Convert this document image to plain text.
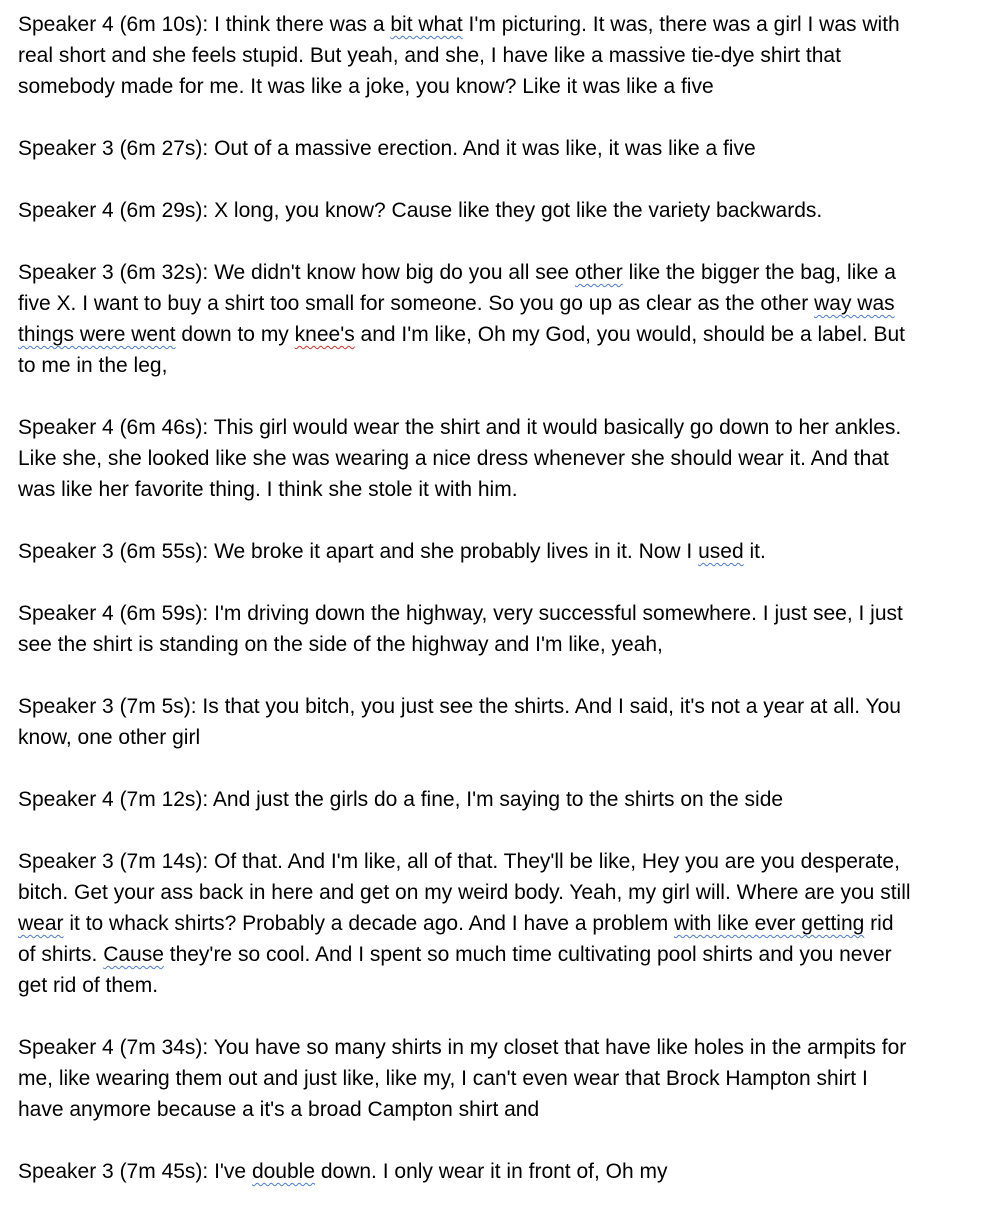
Speaker 4 (6m 10s): I think there was a bit what I'm picturing. It was, there was a girl I was with
real short and she feels stupid. But yeah, and she, I have like a massive tie-dye shirt that
somebody made for me. It was like a joke, you know? Like it was like a five
Speaker 3 (6m 27s): Out of a massive erection. And it was like, it was like a five
Speaker 4 (6m 29s): X long, you know? Cause like they got like the variety backwards.
Speaker 3 (6m 32s): We didn't know how big do you all see other like the bigger the bag, like a
five X. I want to buy a shirt too small for someone. So you go up as clear as the other way was
things were went down to my knee's and I'm like, Oh my God, you would, should be a label. But
to me in the leg,
Speaker 4 (6m 46s): This girl would wear the shirt and it would basically go down to her ankles.
Like she, she looked like she was wearing a nice dress whenever she should wear it. And that
was like her favorite thing. I think she stole it with him.
Speaker 3 (6m 55s): We broke it apart and she probably lives in it. Now I used it.
Speaker 4 (6m 59s): I'm driving down the highway, very successful somewhere. I just see, I just
see the shirt is standing on the side of the highway and I'm like, yeah,
Speaker 3 (7m 5s): Is that you bitch, you just see the shirts. And I said, it's not a year at all. You
know, one other girl
Speaker 4 (7m 12s): And just the girls do a fine, I'm saying to the shirts on the side
Speaker 3 (7m 14s): Of that. And I'm like, all of that. They'll be like, Hey you are you desperate,
bitch. Get your ass back in here and get on my weird body. Yeah, my girl will. Where are you still
wear it to whack shirts? Probably a decade ago. And I have a problem with like ever getting rid
of shirts. Cause they're so cool. And I spent so much time cultivating pool shirts and you never
get rid of them.
Speaker 4 (7m 34s): You have so many shirts in my closet that have like holes in the armpits for
me, like wearing them out and just like, like my, I can't even wear that Brock Hampton shirt I
have anymore because a it's a broad Campton shirt and
Speaker 3 (7m 45s): I've double down. I only wear it in front of, Oh my
